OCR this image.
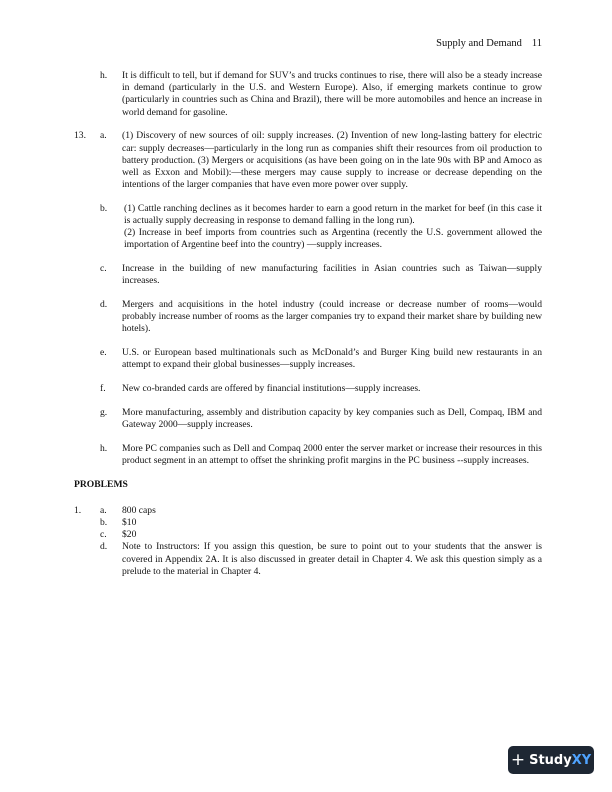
Supply and Demand 11
h.	It is difficult to tell, but if demand for SUV’s and trucks continues to rise, there will also be a steady increase in demand (particularly in the U.S. and Western Europe). Also, if emerging markets continue to grow (particularly in countries such as China and Brazil), there will be more automobiles and hence an increase in world demand for gasoline.
13.	a.	(1) Discovery of new sources of oil: supply increases. (2) Invention of new long-lasting battery for electric car: supply decreases—particularly in the long run as companies shift their resources from oil production to battery production. (3) Mergers or acquisitions (as have been going on in the late 90s with BP and Amoco as well as Exxon and Mobil):—these mergers may cause supply to increase or decrease depending on the intentions of the larger companies that have even more power over supply.
b.	(1) Cattle ranching declines as it becomes harder to earn a good return in the market for beef (in this case it is actually supply decreasing in response to demand falling in the long run).
(2) Increase in beef imports from countries such as Argentina (recently the U.S. government allowed the importation of Argentine beef into the country) —supply increases.
c.	Increase in the building of new manufacturing facilities in Asian countries such as Taiwan—supply increases.
d.	Mergers and acquisitions in the hotel industry (could increase or decrease number of rooms—would probably increase number of rooms as the larger companies try to expand their market share by building new hotels).
e.	U.S. or European based multinationals such as McDonald’s and Burger King build new restaurants in an attempt to expand their global businesses—supply increases.
f.	New co-branded cards are offered by financial institutions—supply increases.
g.	More manufacturing, assembly and distribution capacity by key companies such as Dell, Compaq, IBM and Gateway 2000—supply increases.
h.	More PC companies such as Dell and Compaq 2000 enter the server market or increase their resources in this product segment in an attempt to offset the shrinking profit margins in the PC business --supply increases.
PROBLEMS
1.	a.	800 caps
b.	$10
c.	$20
d.	Note to Instructors: If you assign this question, be sure to point out to your students that the answer is covered in Appendix 2A. It is also discussed in greater detail in Chapter 4. We ask this question simply as a prelude to the material in Chapter 4.
+ Study XY
